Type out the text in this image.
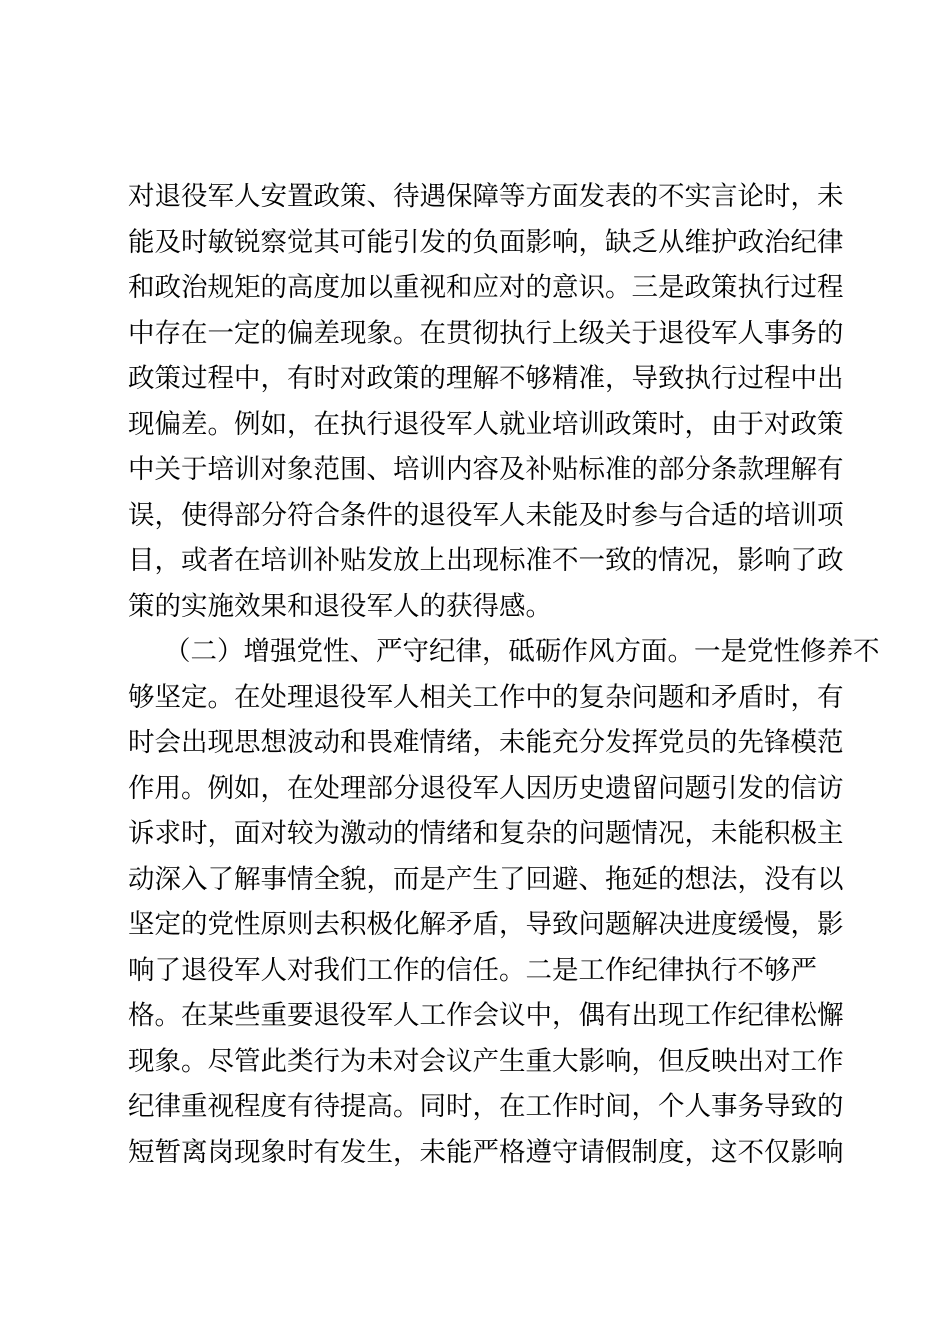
对退役军人安置政策、待遇保障等方面发表的不实言论时，未
能及时敏锐察觉其可能引发的负面影响，缺乏从维护政治纪律
和政治规矩的高度加以重视和应对的意识。三是政策执行过程
中存在一定的偏差现象。在贯彻执行上级关于退役军人事务的
政策过程中，有时对政策的理解不够精准，导致执行过程中出
现偏差。例如，在执行退役军人就业培训政策时，由于对政策
中关于培训对象范围、培训内容及补贴标准的部分条款理解有
误，使得部分符合条件的退役军人未能及时参与合适的培训项
目，或者在培训补贴发放上出现标准不一致的情况，影响了政
策的实施效果和退役军人的获得感。
（二）增强党性、严守纪律，砥砺作风方面。一是党性修养不
够坚定。在处理退役军人相关工作中的复杂问题和矛盾时，有
时会出现思想波动和畏难情绪，未能充分发挥党员的先锋模范
作用。例如，在处理部分退役军人因历史遗留问题引发的信访
诉求时，面对较为激动的情绪和复杂的问题情况，未能积极主
动深入了解事情全貌，而是产生了回避、拖延的想法，没有以
坚定的党性原则去积极化解矛盾，导致问题解决进度缓慢，影
响了退役军人对我们工作的信任。二是工作纪律执行不够严
格。在某些重要退役军人工作会议中，偶有出现工作纪律松懈
现象。尽管此类行为未对会议产生重大影响，但反映出对工作
纪律重视程度有待提高。同时，在工作时间，个人事务导致的
短暂离岗现象时有发生，未能严格遵守请假制度，这不仅影响
